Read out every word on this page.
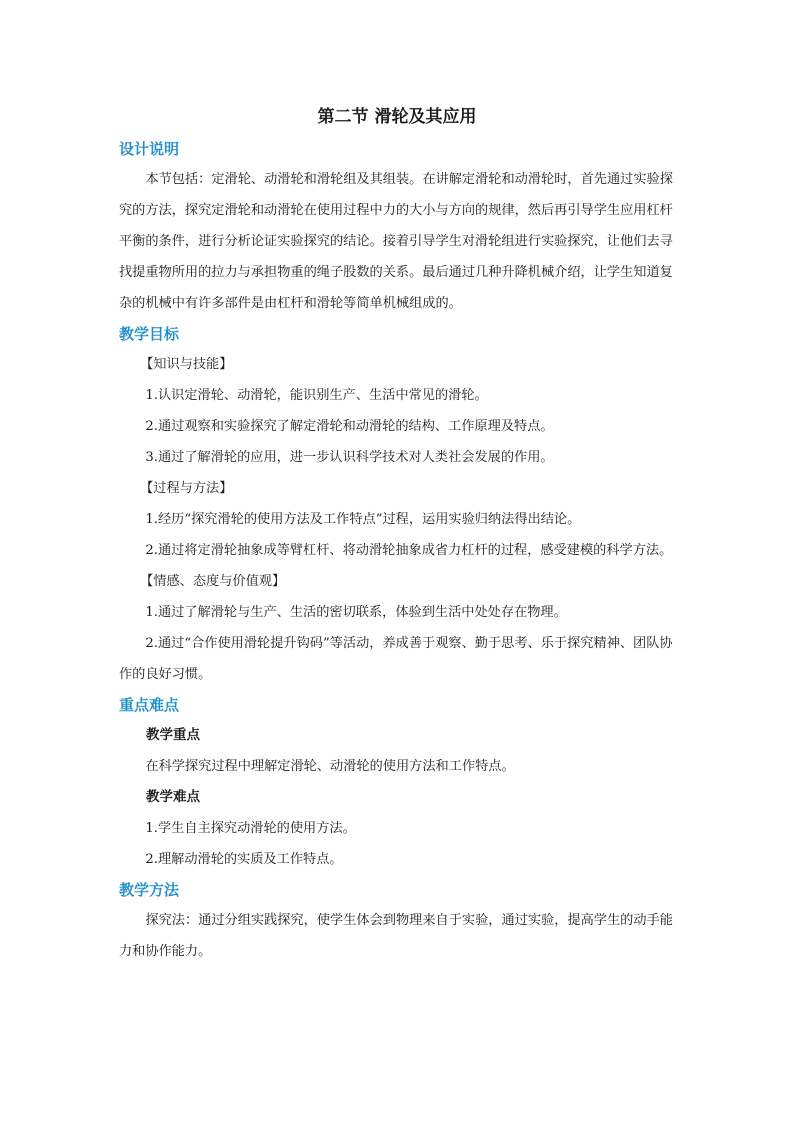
第二节 滑轮及其应用
设计说明

本节包括：定滑轮、动滑轮和滑轮组及其组装。在讲解定滑轮和动滑轮时，首先通过实验探究的方法，探究定滑轮和动滑轮在使用过程中力的大小与方向的规律，然后再引导学生应用杠杆平衡的条件，进行分析论证实验探究的结论。接着引导学生对滑轮组进行实验探究，让他们去寻找提重物所用的拉力与承担物重的绳子股数的关系。最后通过几种升降机械介绍，让学生知道复杂的机械中有许多部件是由杠杆和滑轮等简单机械组成的。

教学目标

【知识与技能】

1.认识定滑轮、动滑轮，能识别生产、生活中常见的滑轮。

2.通过观察和实验探究了解定滑轮和动滑轮的结构、工作原理及特点。

3.通过了解滑轮的应用，进一步认识科学技术对人类社会发展的作用。

【过程与方法】

1.经历“探究滑轮的使用方法及工作特点”过程，运用实验归纳法得出结论。

2.通过将定滑轮抽象成等臂杠杆、将动滑轮抽象成省力杠杆的过程，感受建模的科学方法。

【情感、态度与价值观】

1.通过了解滑轮与生产、生活的密切联系，体验到生活中处处存在物理。

2.通过“合作使用滑轮提升钩码”等活动，养成善于观察、勤于思考、乐于探究精神、团队协作的良好习惯。

重点难点

教学重点

在科学探究过程中理解定滑轮、动滑轮的使用方法和工作特点。

教学难点

1.学生自主探究动滑轮的使用方法。

2.理解动滑轮的实质及工作特点。

教学方法

探究法：通过分组实践探究，使学生体会到物理来自于实验，通过实验，提高学生的动手能力和协作能力。
